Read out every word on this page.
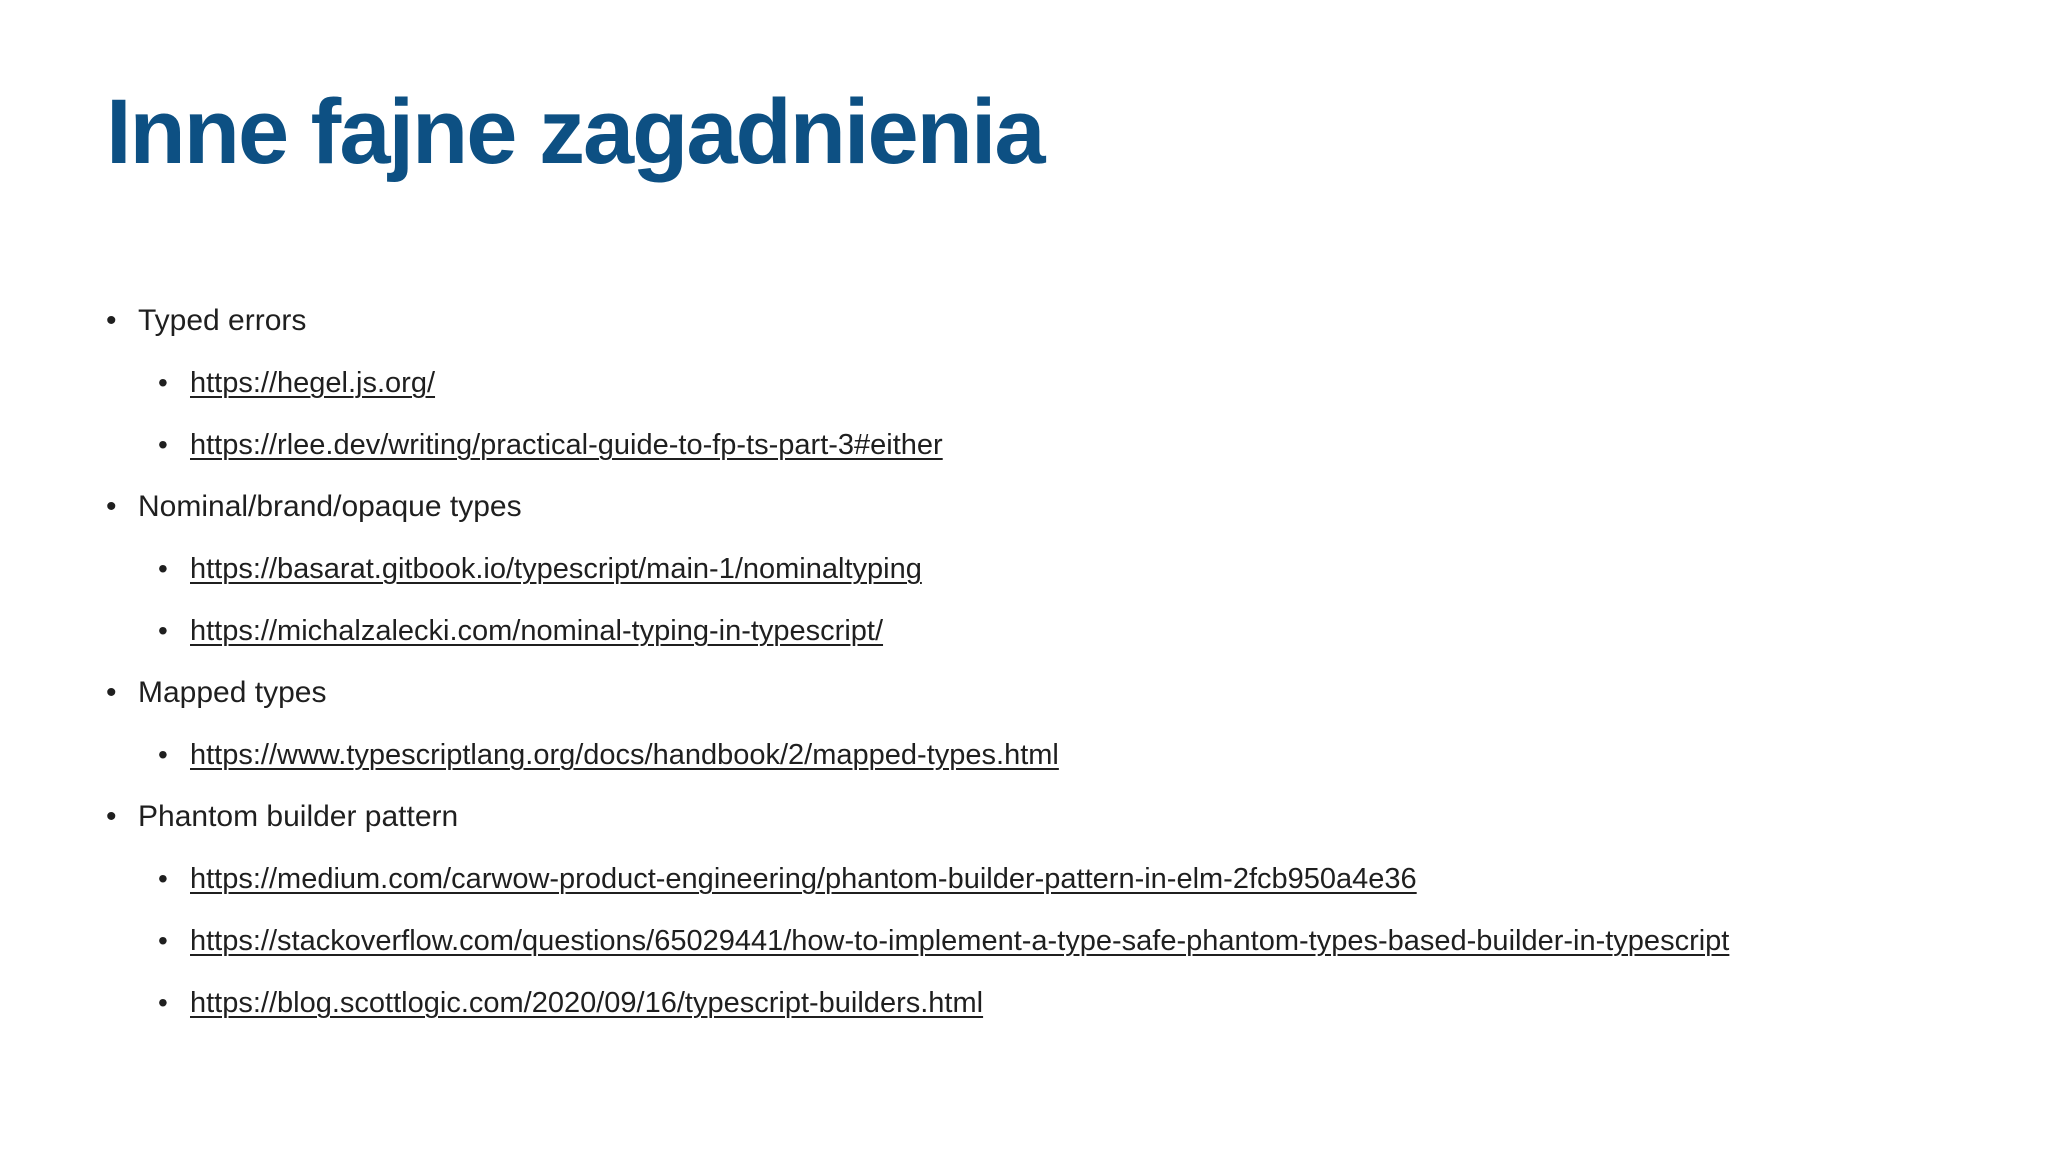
Inne fajne zagadnienia
• Typed errors
• https://hegel.js.org/
• https://rlee.dev/writing/practical-guide-to-fp-ts-part-3#either
• Nominal/brand/opaque types
• https://basarat.gitbook.io/typescript/main-1/nominaltyping
• https://michalzalecki.com/nominal-typing-in-typescript/
• Mapped types
• https://www.typescriptlang.org/docs/handbook/2/mapped-types.html
• Phantom builder pattern
• https://medium.com/carwow-product-engineering/phantom-builder-pattern-in-elm-2fcb950a4e36
• https://stackoverflow.com/questions/65029441/how-to-implement-a-type-safe-phantom-types-based-builder-in-typescript
• https://blog.scottlogic.com/2020/09/16/typescript-builders.html
